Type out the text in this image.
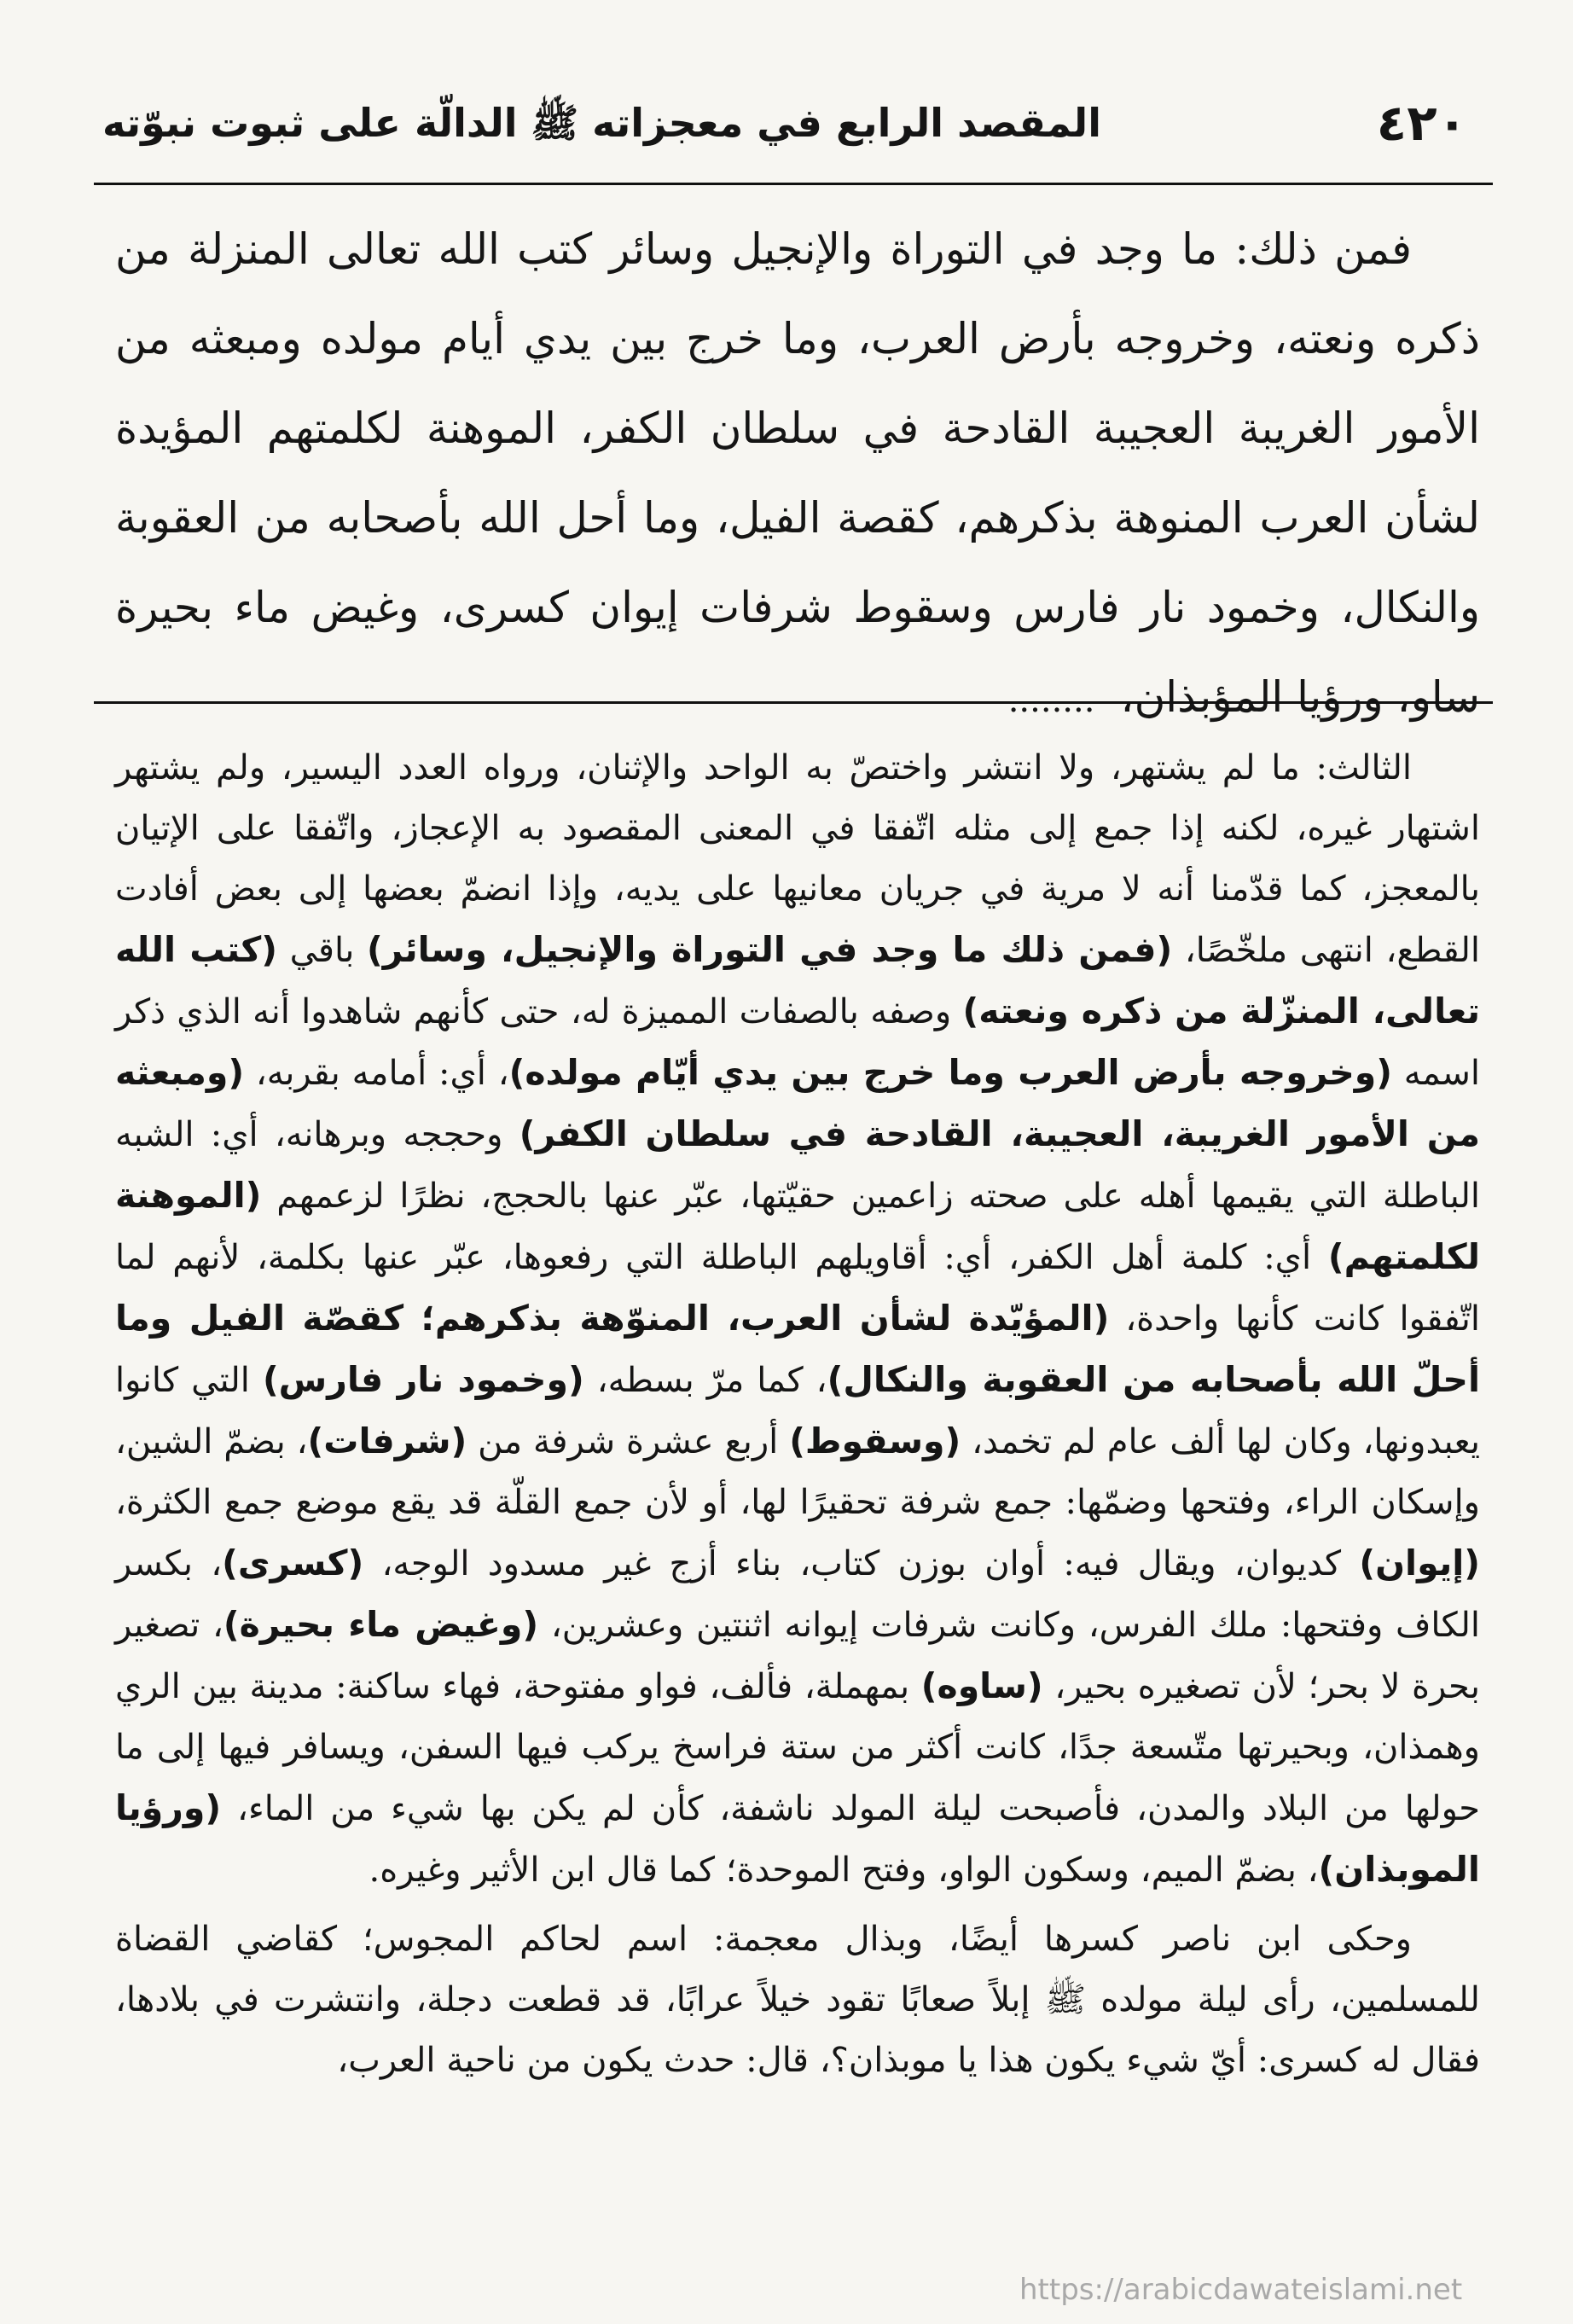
٤٢٠
المقصد الرابع في معجزاته ﷺ الدالّة على ثبوت نبوّته

فمن ذلك: ما وجد في التوراة والإنجيل وسائر كتب الله تعالى المنزلة من ذكره ونعته، وخروجه بأرض العرب، وما خرج بين يدي أيام مولده ومبعثه من الأمور الغريبة العجيبة القادحة في سلطان الكفر، الموهنة لكلمتهم المؤيدة لشأن العرب المنوهة بذكرهم، كقصة الفيل، وما أحل الله بأصحابه من العقوبة والنكال، وخمود نار فارس وسقوط شرفات إيوان كسرى، وغيض ماء بحيرة ساو، ورؤيا المؤبذان،........

الثالث: ما لم يشتهر، ولا انتشر واختصّ به الواحد والإثنان، ورواه العدد اليسير، ولم يشتهر اشتهار غيره، لكنه إذا جمع إلى مثله اتّفقا في المعنى المقصود به الإعجاز، واتّفقا على الإتيان بالمعجز، كما قدّمنا أنه لا مرية في جريان معانيها على يديه، وإذا انضمّ بعضها إلى بعض أفادت القطع، انتهى ملخّصًا، (فمن ذلك ما وجد في التوراة والإنجيل، وسائر) باقي (كتب الله تعالى، المنزّلة من ذكره ونعته) وصفه بالصفات المميزة له، حتى كأنهم شاهدوا أنه الذي ذكر اسمه (وخروجه بأرض العرب وما خرج بين يدي أيّام مولده)، أي: أمامه بقربه، (ومبعثه من الأمور الغريبة، العجيبة، القادحة في سلطان الكفر) وحججه وبرهانه، أي: الشبه الباطلة التي يقيمها أهله على صحته زاعمين حقيّتها، عبّر عنها بالحجج، نظرًا لزعمهم (الموهنة لكلمتهم) أي: كلمة أهل الكفر، أي: أقاويلهم الباطلة التي رفعوها، عبّر عنها بكلمة، لأنهم لما اتّفقوا كانت كأنها واحدة، (المؤيّدة لشأن العرب، المنوّهة بذكرهم؛ كقصّة الفيل وما أحلّ الله بأصحابه من العقوبة والنكال)، كما مرّ بسطه، (وخمود نار فارس) التي كانوا يعبدونها، وكان لها ألف عام لم تخمد، (وسقوط) أربع عشرة شرفة من (شرفات)، بضمّ الشين، وإسكان الراء، وفتحها وضمّها: جمع شرفة تحقيرًا لها، أو لأن جمع القلّة قد يقع موضع جمع الكثرة، (إيوان) كديوان، ويقال فيه: أوان بوزن كتاب، بناء أزج غير مسدود الوجه، (كسرى)، بكسر الكاف وفتحها: ملك الفرس، وكانت شرفات إيوانه اثنتين وعشرين، (وغيض ماء بحيرة)، تصغير بحرة لا بحر؛ لأن تصغيره بحير، (ساوه) بمهملة، فألف، فواو مفتوحة، فهاء ساكنة: مدينة بين الري وهمذان، وبحيرتها متّسعة جدًا، كانت أكثر من ستة فراسخ يركب فيها السفن، ويسافر فيها إلى ما حولها من البلاد والمدن، فأصبحت ليلة المولد ناشفة، كأن لم يكن بها شيء من الماء، (ورؤيا الموبذان)، بضمّ الميم، وسكون الواو، وفتح الموحدة؛ كما قال ابن الأثير وغيره.

وحكى ابن ناصر كسرها أيضًا، وبذال معجمة: اسم لحاكم المجوس؛ كقاضي القضاة للمسلمين، رأى ليلة مولده ﷺ إبلاً صعابًا تقود خيلاً عرابًا، قد قطعت دجلة، وانتشرت في بلادها، فقال له كسرى: أيّ شيء يكون هذا يا موبذان؟، قال: حدث يكون من ناحية العرب،

https://arabicdawateislami.net
